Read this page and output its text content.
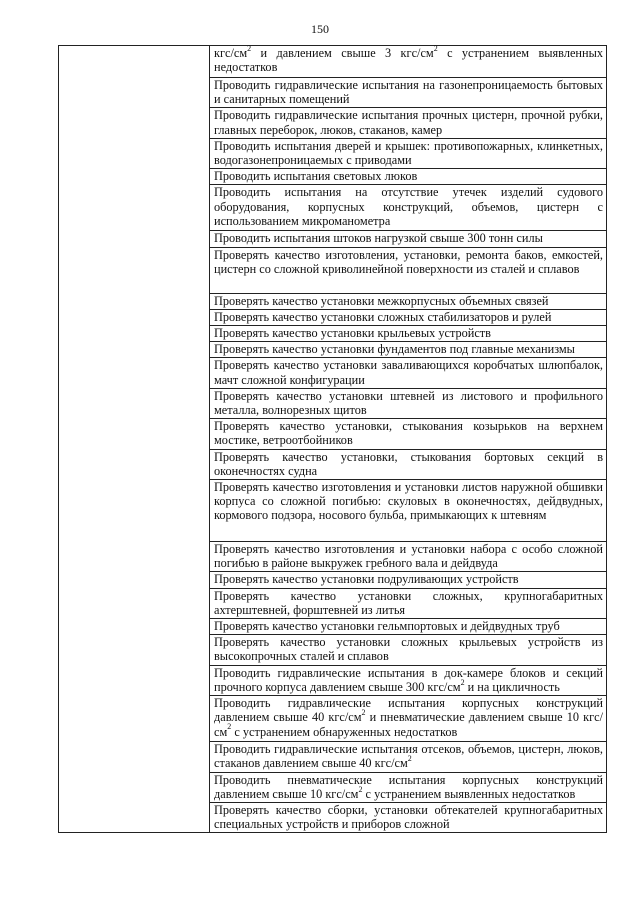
150

кгс/$см^2$ и давлением свыше 3 кгс/$см^2$ с устранением выявленных недостатков

Проводить гидравлические испытания на газонепроницаемость бытовых и санитарных помещений

Проводить гидравлические испытания прочных цистерн, прочной рубки, главных переборок, люков, стаканов, камер

Проводить испытания дверей и крышек: противопожарных, клинкетных, водогазонепроницаемых с приводами

Проводить испытания световых люков

Проводить испытания на отсутствие утечек изделий судового оборудования, корпусных конструкций, объемов, цистерн с использованием микроманометра

Проводить испытания штоков нагрузкой свыше 300 тонн силы

Проверять качество изготовления, установки, ремонта баков, емкостей, цистерн со сложной криволинейной поверхности из сталей и сплавов

Проверять качество установки межкорпусных объемных связей

Проверять качество установки сложных стабилизаторов и рулей

Проверять качество установки крыльевых устройств

Проверять качество установки фундаментов под главные механизмы

Проверять качество установки заваливающихся коробчатых шлюпбалок, мачт сложной конфигурации

Проверять качество установки штевней из листового и профильного металла, волнорезных щитов

Проверять качество установки, стыкования козырьков на верхнем мостике, ветроотбойников

Проверять качество установки, стыкования бортовых секций в оконечностях судна

Проверять качество изготовления и установки листов наружной обшивки корпуса со сложной погибью: скуловых в оконечностях, дейдвудных, кормового подзора, носового бульба, примыкающих к штевням

Проверять качество изготовления и установки набора с особо сложной погибью в районе выкружек гребного вала и дейдвуда

Проверять качество установки подруливающих устройств

Проверять качество установки сложных, крупногабаритных ахтерштевней, форштевней из литья

Проверять качество установки гельмпортовых и дейдвудных труб

Проверять качество установки сложных крыльевых устройств из высокопрочных сталей и сплавов

Проводить гидравлические испытания в док-камере блоков и секций прочного корпуса давлением свыше 300 кгс/$см^2$ и на цикличность

Проводить гидравлические испытания корпусных конструкций давлением свыше 40 кгс/$см^2$ и пневматические давлением свыше 10 кгс/$см^2$ с устранением обнаруженных недостатков

Проводить гидравлические испытания отсеков, объемов, цистерн, люков, стаканов давлением свыше 40 кгс/$см^2$

Проводить пневматические испытания корпусных конструкций давлением свыше 10 кгс/$см^2$ с устранением выявленных недостатков

Проверять качество сборки, установки обтекателей крупногабаритных специальных устройств и приборов сложной
